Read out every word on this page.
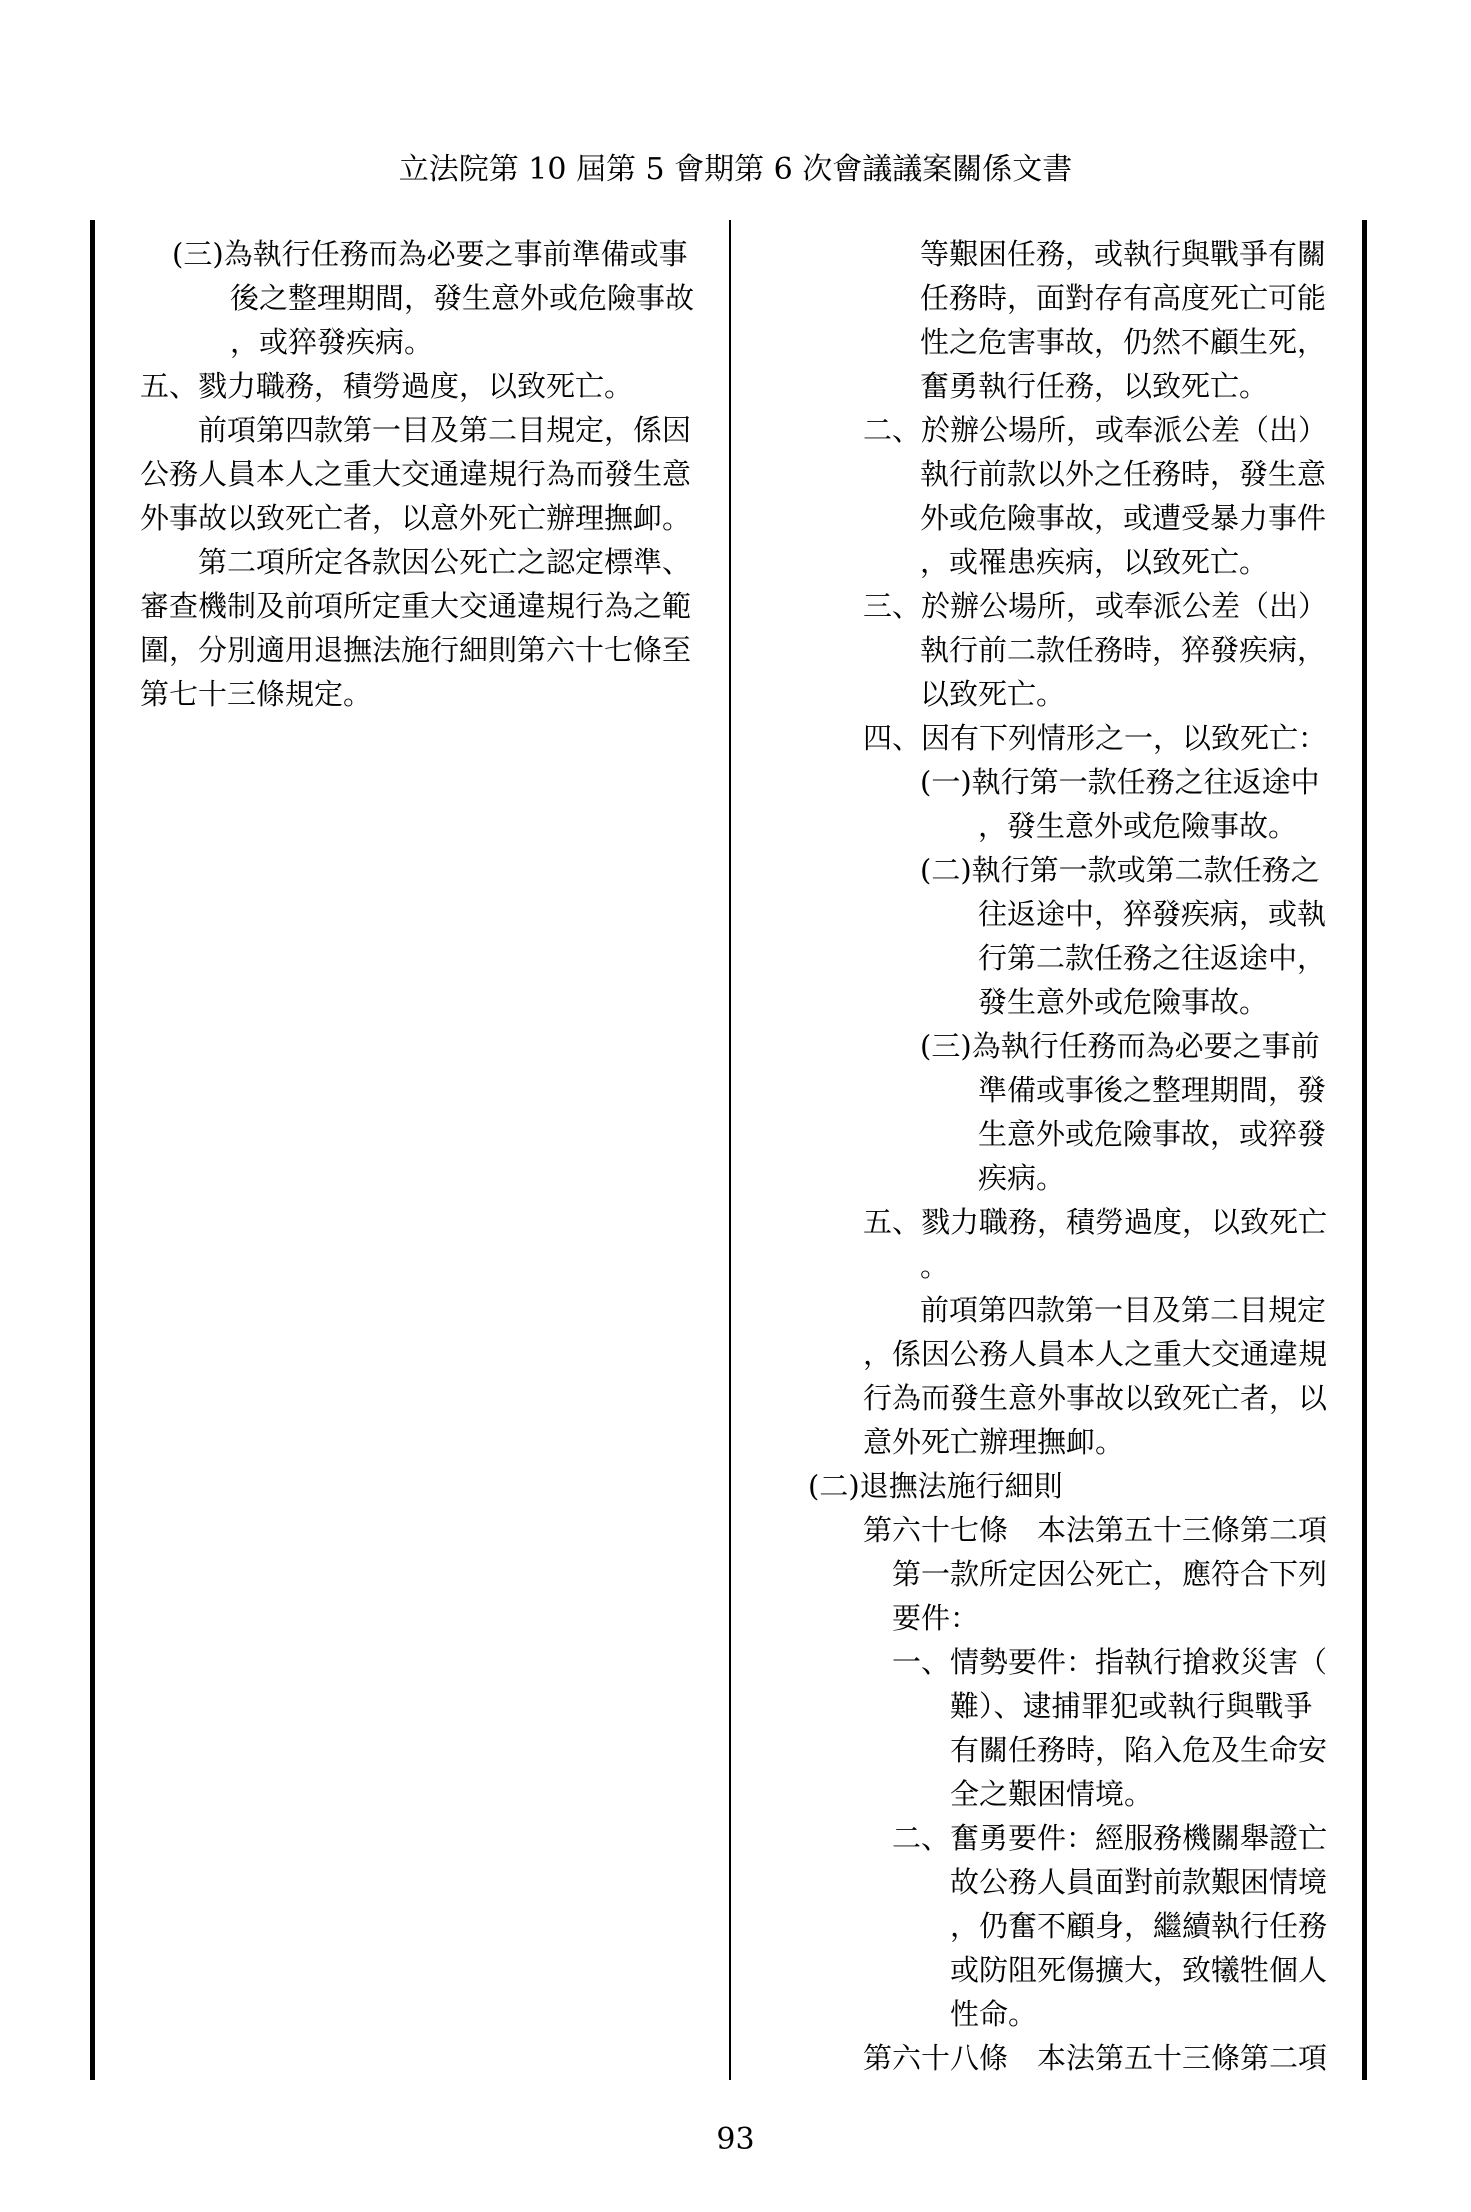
立法院第 10 屆第 5 會期第 6 次會議議案關係文書
(三)為執行任務而為必要之事前準備或事
後之整理期間，發生意外或危險事故
，或猝發疾病。
五、戮力職務，積勞過度，以致死亡。
前項第四款第一目及第二目規定，係因
公務人員本人之重大交通違規行為而發生意
外事故以致死亡者，以意外死亡辦理撫卹。
第二項所定各款因公死亡之認定標準、
審查機制及前項所定重大交通違規行為之範
圍，分別適用退撫法施行細則第六十七條至
第七十三條規定。
等艱困任務，或執行與戰爭有關
任務時，面對存有高度死亡可能
性之危害事故，仍然不顧生死，
奮勇執行任務，以致死亡。
二、於辦公場所，或奉派公差（出）
執行前款以外之任務時，發生意
外或危險事故，或遭受暴力事件
，或罹患疾病，以致死亡。
三、於辦公場所，或奉派公差（出）
執行前二款任務時，猝發疾病，
以致死亡。
四、因有下列情形之一，以致死亡：
(一)執行第一款任務之往返途中
，發生意外或危險事故。
(二)執行第一款或第二款任務之
往返途中，猝發疾病，或執
行第二款任務之往返途中，
發生意外或危險事故。
(三)為執行任務而為必要之事前
準備或事後之整理期間，發
生意外或危險事故，或猝發
疾病。
五、戮力職務，積勞過度，以致死亡
。
前項第四款第一目及第二目規定
，係因公務人員本人之重大交通違規
行為而發生意外事故以致死亡者，以
意外死亡辦理撫卹。
(二)退撫法施行細則
第六十七條　本法第五十三條第二項
第一款所定因公死亡，應符合下列
要件：
一、情勢要件：指執行搶救災害（
難）、逮捕罪犯或執行與戰爭
有關任務時，陷入危及生命安
全之艱困情境。
二、奮勇要件：經服務機關舉證亡
故公務人員面對前款艱困情境
，仍奮不顧身，繼續執行任務
或防阻死傷擴大，致犧牲個人
性命。
第六十八條　本法第五十三條第二項
93
